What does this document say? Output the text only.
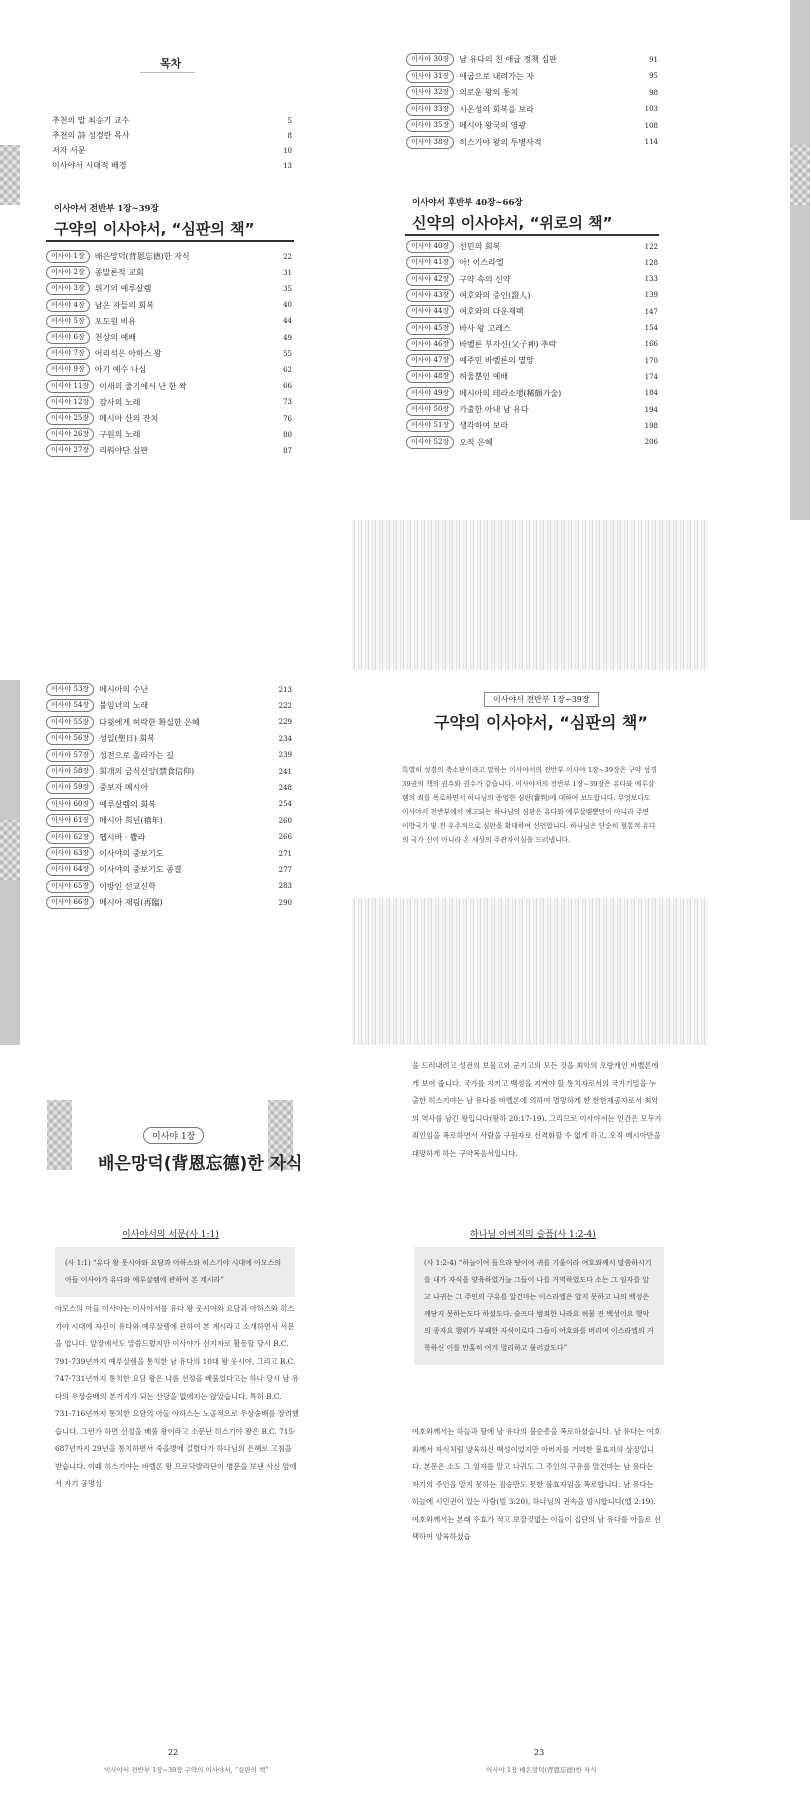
목차
추천의 말 최승기 교수	5
추천의 詩 성경란 목사	8
저자 서문	10
이사야서 시대적 배경	13
이사야서 전반부 1장~39장
구약의 이사야서, “심판의 책”
이사야 1장	배은망덕(背恩忘德)한 자식	22
이사야 2장	종말론적 교회	31
이사야 3장	위기의 예루살렘	35
이사야 4장	남은 자들의 회복	40
이사야 5장	포도원 비유	44
이사야 6장	천상의 예배	49
이사야 7장	어리석은 아하스 왕	55
이사야 9장	아기 예수 나심	62
이사야 11장	이새의 줄기에서 난 한 싹	66
이사야 12장	감사의 노래	73
이사야 25장	메시아 산의 잔치	76
이사야 26장	구원의 노래	80
이사야 27장	리워야단 심판	87
이사야 30장	남 유다의 친 애굽 정책 심판	91
이사야 31장	애굽으로 내려가는 자	95
이사야 32장	의로운 왕의 통치	98
이사야 33장	시온성의 회복을 보라	103
이사야 35장	메시아 왕국의 영광	108
이사야 38장	히스기야 왕의 투병사적	114
이사야서 후반부 40장~66장
신약의 이사야서, “위로의 책”
이사야 40장	선민의 회복	122
이사야 41장	아! 이스라엘	128
이사야 42장	구약 속의 신약	133
이사야 43장	여호와의 증인(證人)	139
이사야 44장	여호와의 다운재팩	147
이사야 45장	바사 왕 고레스	154
이사야 46장	바벨론 부자신(父子神) 추락	166
이사야 47장	예주민 바벨론의 멸망	170
이사야 48장	허울뿐인 예배	174
이사야 49장	메시아의 테라소맹(稀頗가술)	184
이사야 50장	가출한 아내 남 유다	194
이사야 51장	생각하여 보라	198
이사야 52장	오직 은혜	206
이사야 53장	메시아의 수난	213
이사야 54장	불임녀의 노래	222
이사야 55장	다윗에게 허락한 확실한 은혜	229
이사야 56장	성일(聖日) 회복	234
이사야 57장	성전으로 올라가는 길	239
이사야 58장	회개의 금식신앙(禁食信仰)	241
이사야 59장	중보자 메시아	248
이사야 60장	예루살렘의 회복	254
이사야 61장	메시아 희년(禧年)	260
이사야 62장	헵시바 · 쁄라	266
이사야 63장	이사야의 중보기도	271
이사야 64장	이사야의 중보기도 종결	277
이사야 65장	이방인 선교신학	283
이사야 66장	메시아 재림(再臨)	290
이사야서 전반부 1장~39장
구약의 이사야서, “심판의 책”
특별히 성경의 축소판이라고 말하는 이사야서의 전반부 이사야 1장~39장은 구약 성경 39권의 책의 권수와 권수가 같습니다. 이사야서의 전반부 1장~39장은 유다와 예루살렘의 죄를 폭로하면서 하나님의 준엄한 심판(審判)에 대하여 보도합니다. 무엇보다도 이사야서 전반부에서 예고되는 하나님의 심판은 유다와 예루살렘뿐만이 아니라 주변 이방국가 및 전 우주적으로 심판을 확대하여 선언합니다. 하나님은 단순히 혈통적 유다의 국가 신이 아니라 온 세상의 주관자이심을 드러냅니다.
이사야 1장
배은망덕(背恩忘德)한 자식
이사야서의 서문(사 1:1)
(사 1:1) “유다 왕 웃시야와 요담과 아하스와 히스기야 시대에 아모스의 아들 이사야가 유다와 예루살렘에 관하여 본 계시라”
아모스의 아들 이사야는 이사야서를 유다 왕 웃시야와 요담과 아하스와 히스기야 시대에 자신이 유다와 예루살렘에 관하여 본 계시라고 소개하면서 서문을 엽니다. 앞장에서도 말씀드렸지만 이사야가 선지자로 활동할 당시 B.C. 791-739년까지 예루살렘을 통치한 남 유다의 10대 왕 웃시야, 그리고 B.C. 747-731년까지 통치한 요담 왕은 나름 선정을 베풀었다고는 하나 당시 남 유다의 우상숭배의 본거지가 되는 산당을 없애지는 않았습니다. 특히 B.C. 731-716년까지 통치한 요담의 아들 아하스는 노골적으로 우상숭배를 장려했습니다. 그런가 하면 선정을 베풀 왕이라고 소문난 히스기야 왕은 B.C. 715-687년까지 29년을 통치하면서 죽을병에 걸렸다가 하나님의 은혜로 고침을 받습니다. 이때 히스기야는 바벨론 왕 므로닥발라단이 병문을 보낸 사신 앞에서 자기 공명심
22
이사야서 전반부 1장~39장 구약의 이사야서, “심판의 책”
을 드러내려고 성전의 보물고와 군기고의 모든 것을 최악의 오랑캐인 바벨론에게 보여 줍니다. 국가를 지키고 백성을 지켜야 할 통치자로서의 국가기밀을 누출한 히스기야는 남 유다를 바벨론에 의하여 멸망하게 한 한한제공자로서 최악의 역사를 남긴 왕입니다(왕하 20:17-19). 그리므로 이사야서는 인간은 모두가 죄인임을 폭로하면서 사람을 구원자로 신격화할 수 없게 하고, 오직 메시아만을 대망하게 하는 구약복음서입니다.
하나님 아버지의 슬픔(사 1:2-4)
(사 1:2-4) “하늘이여 들으라 땅이여 귀를 기울이라 여호와께서 말씀하시기를 내가 자식을 양육하였거늘 그들이 나를 거역하였도다 소는 그 임자를 알고 나귀는 그 주인의 구유를 알건마는 이스라엘은 알지 못하고 나의 백성은 깨닫지 못하는도다 하셨도다. 슬프다 범죄한 나라요 허물 진 백성이요 행악의 종자요 행위가 부패한 자식이로다 그들이 여호와를 버리며 이스라엘의 거룩하신 이를 만홀히 여겨 멀리하고 물러갔도다”
여호와께서는 하늘과 땅에 남 유다의 불순종을 폭로하셨습니다. 남 유다는 여호와께서 자식처럼 양육하신 백성이었지만 아버지를 거역한 불효자의 상징입니다. 본문은 소도 그 임자를 알고 나귀도 그 주인의 구유를 알건마는 남 유다는 자기의 주인을 알지 못하는 짐승만도 못한 불효자임을 폭로합니다. 남 유다는 하늘에 시민권이 있는 사람(빌 3:20), 하나님의 권속을 암시합니다(엡 2:19). 여호와께서는 본래 수효가 적고 보잘것없는 이들이 집단의 남 유다를 아들로 선택하여 양육하셨습
23
이사야 1장 배은망덕(背恩忘德)한 자식
